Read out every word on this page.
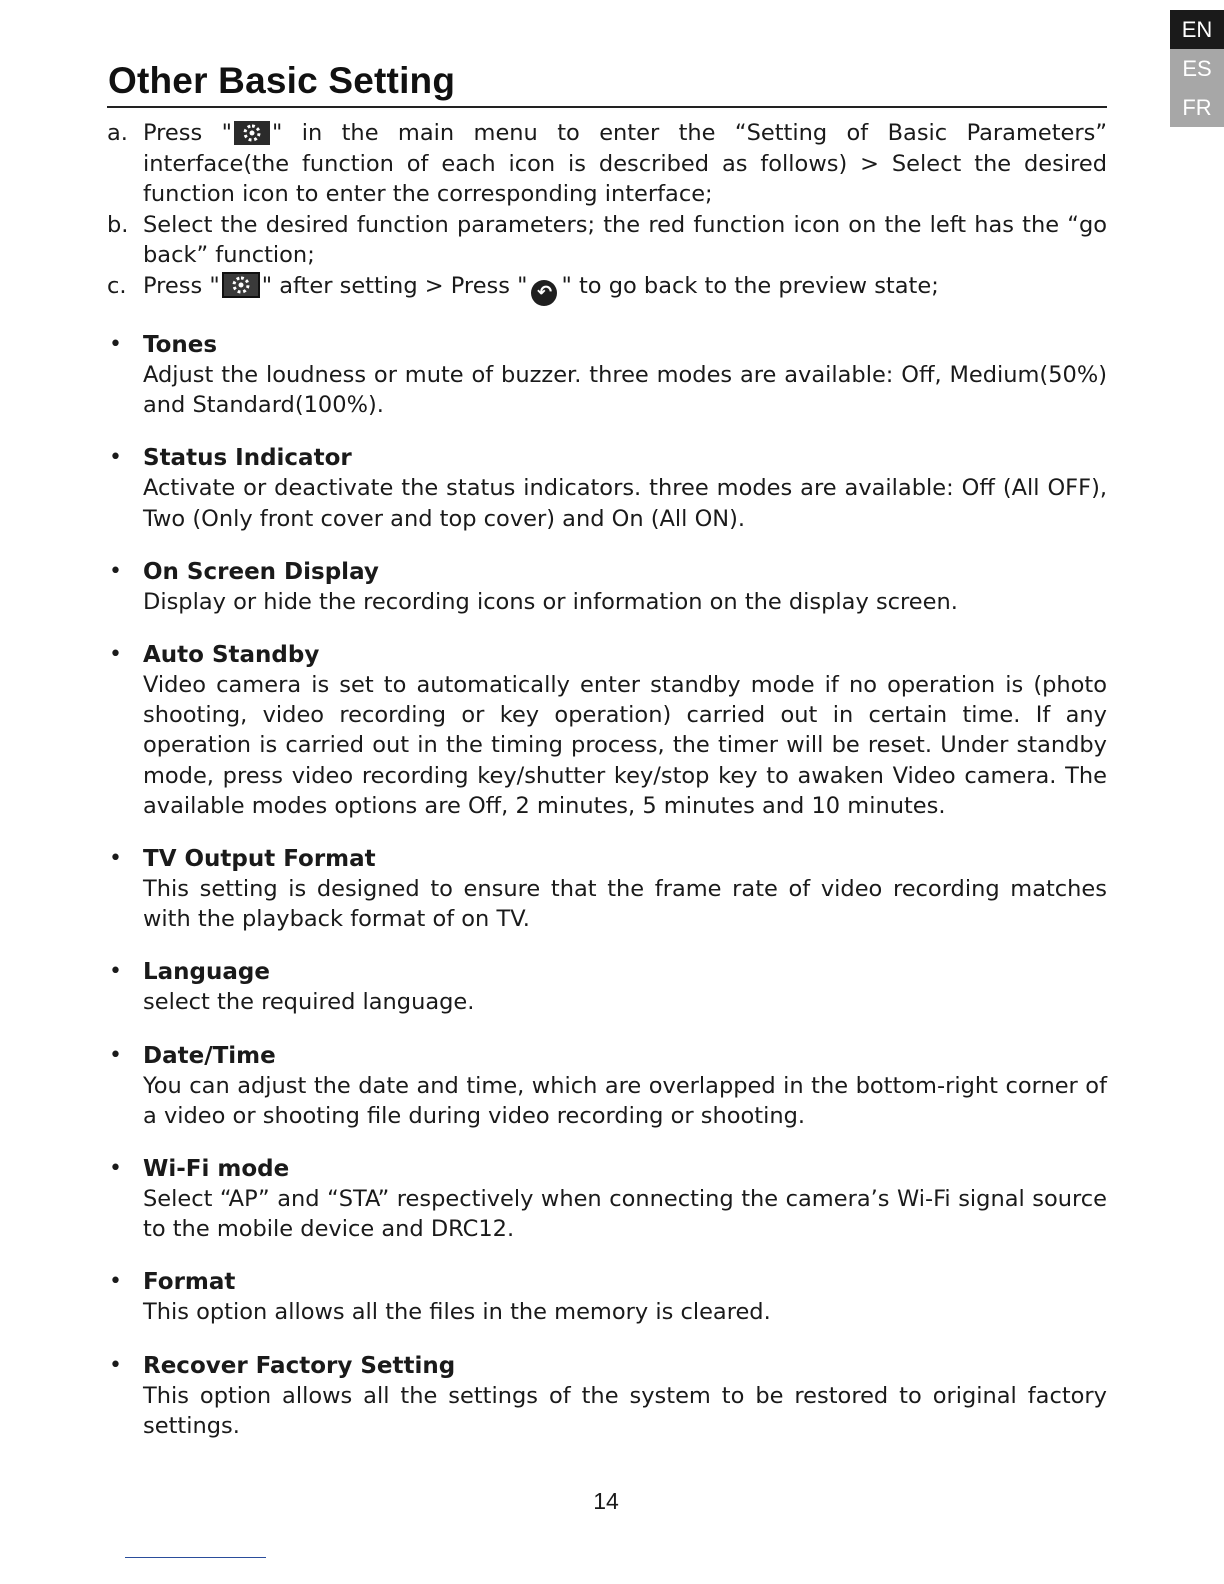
EN
ES
FR
Other Basic Setting
a. Press " " in the main menu to enter the “Setting of Basic Parameters” interface(the function of each icon is described as follows) > Select the desired function icon to enter the corresponding interface;
b. Select the desired function parameters; the red function icon on the left has the “go back” function;
c. Press " " after setting > Press " ↶ " to go back to the preview state;
• Tones
Adjust the loudness or mute of buzzer. three modes are available: Off, Medium(50%) and Standard(100%).
• Status Indicator
Activate or deactivate the status indicators. three modes are available: Off (All OFF), Two (Only front cover and top cover) and On (All ON).
• On Screen Display
Display or hide the recording icons or information on the display screen.
• Auto Standby
Video camera is set to automatically enter standby mode if no operation is (photo shooting, video recording or key operation) carried out in certain time. If any operation is carried out in the timing process, the timer will be reset. Under standby mode, press video recording key/shutter key/stop key to awaken Video camera. The available modes options are Off, 2 minutes, 5 minutes and 10 minutes.
• TV Output Format
This setting is designed to ensure that the frame rate of video recording matches with the playback format of on TV.
• Language
select the required language.
• Date/Time
You can adjust the date and time, which are overlapped in the bottom-right corner of a video or shooting file during video recording or shooting.
• Wi-Fi mode
Select “AP” and “STA” respectively when connecting the camera’s Wi-Fi signal source to the mobile device and DRC12.
• Format
This option allows all the files in the memory is cleared.
• Recover Factory Setting
This option allows all the settings of the system to be restored to original factory settings.
14
